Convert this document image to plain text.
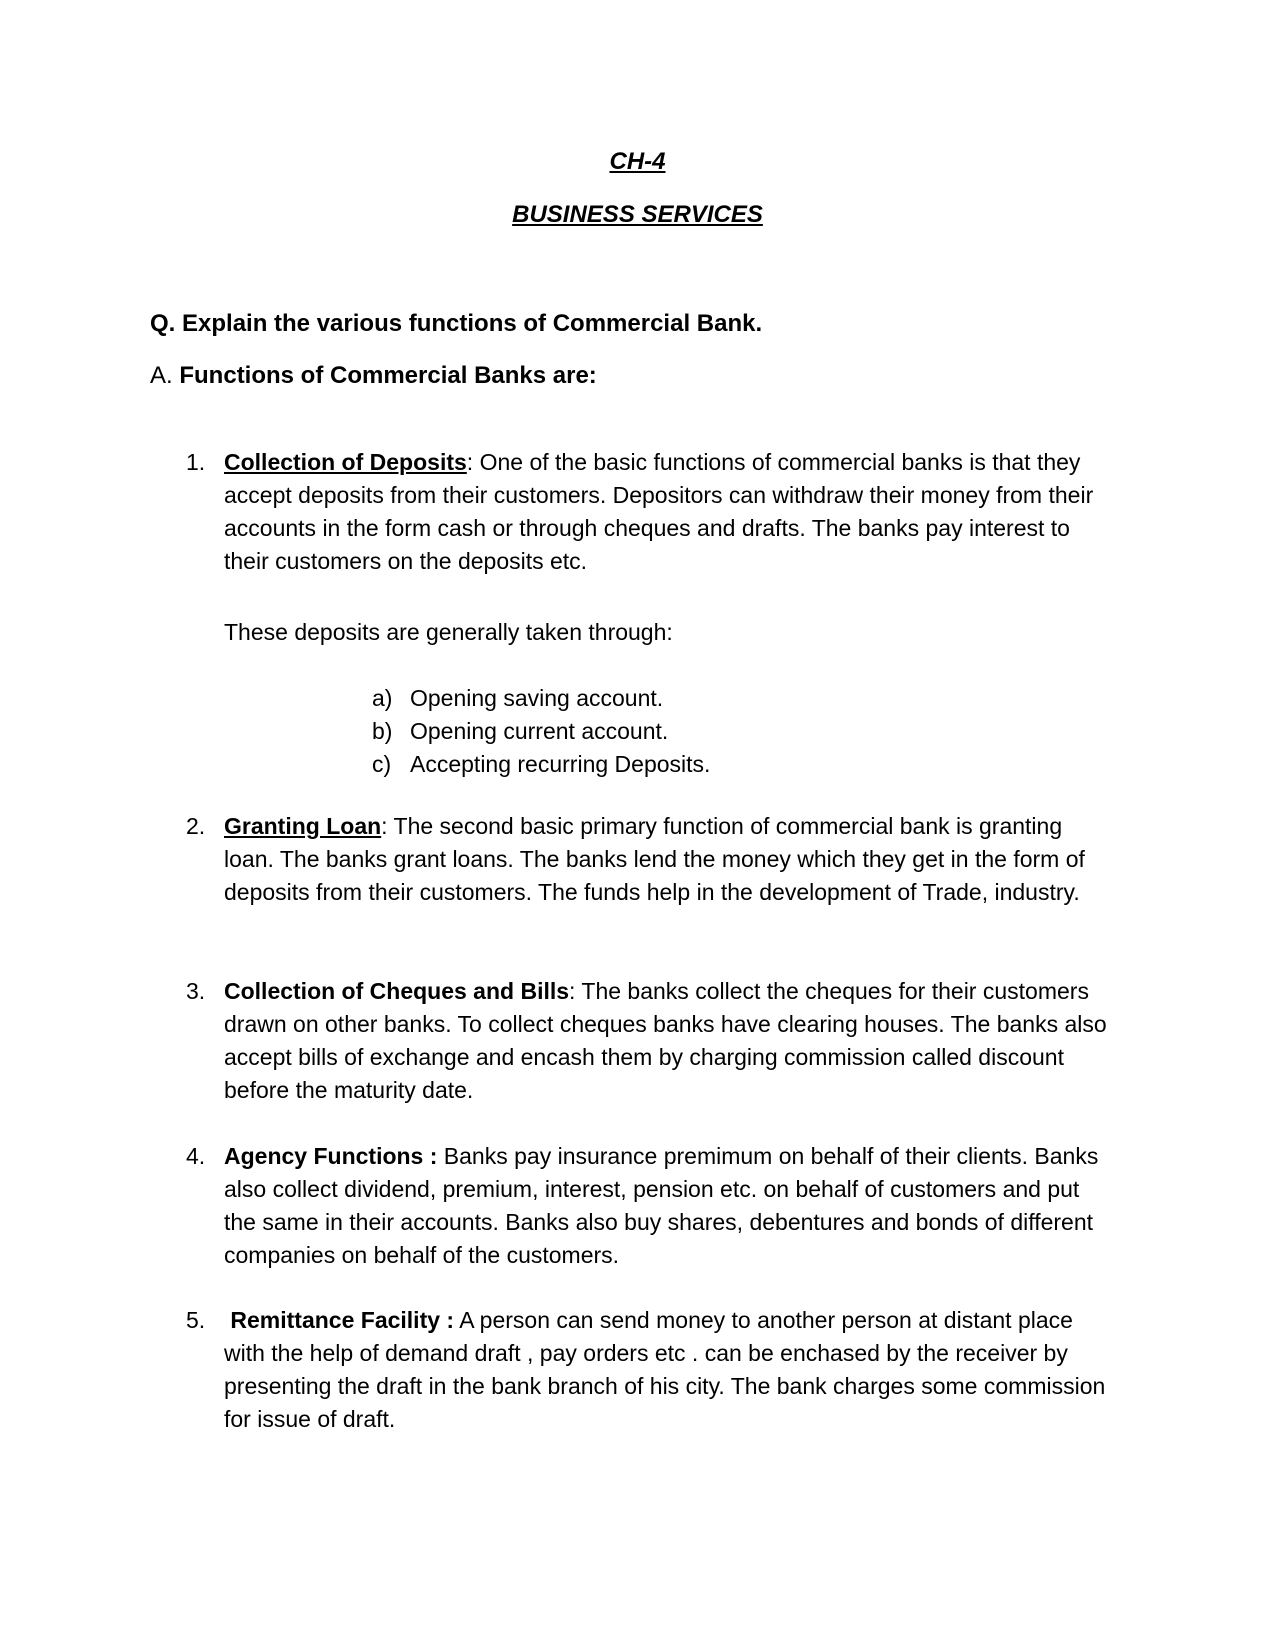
CH-4
BUSINESS SERVICES

Q. Explain the various functions of Commercial Bank.

A. Functions of Commercial Banks are:

1. Collection of Deposits: One of the basic functions of commercial banks is that they accept deposits from their customers. Depositors can withdraw their money from their accounts in the form cash or through cheques and drafts. The banks pay interest to their customers on the deposits etc.
These deposits are generally taken through:
a) Opening saving account.
b) Opening current account.
c) Accepting recurring Deposits.
2. Granting Loan: The second basic primary function of commercial bank is granting loan. The banks grant loans. The banks lend the money which they get in the form of deposits from their customers. The funds help in the development of Trade, industry.
3. Collection of Cheques and Bills: The banks collect the cheques for their customers drawn on other banks. To collect cheques banks have clearing houses. The banks also accept bills of exchange and encash them by charging commission called discount before the maturity date.
4. Agency Functions : Banks pay insurance premimum on behalf of their clients. Banks also collect dividend, premium, interest, pension etc. on behalf of customers and put the same in their accounts. Banks also buy shares, debentures and bonds of different companies on behalf of the customers.
5.	Remittance Facility : A person can send money to another person at distant place with the help of demand draft , pay orders etc . can be enchased by the receiver by presenting the draft in the bank branch of his city. The bank charges some commission for issue of draft.
